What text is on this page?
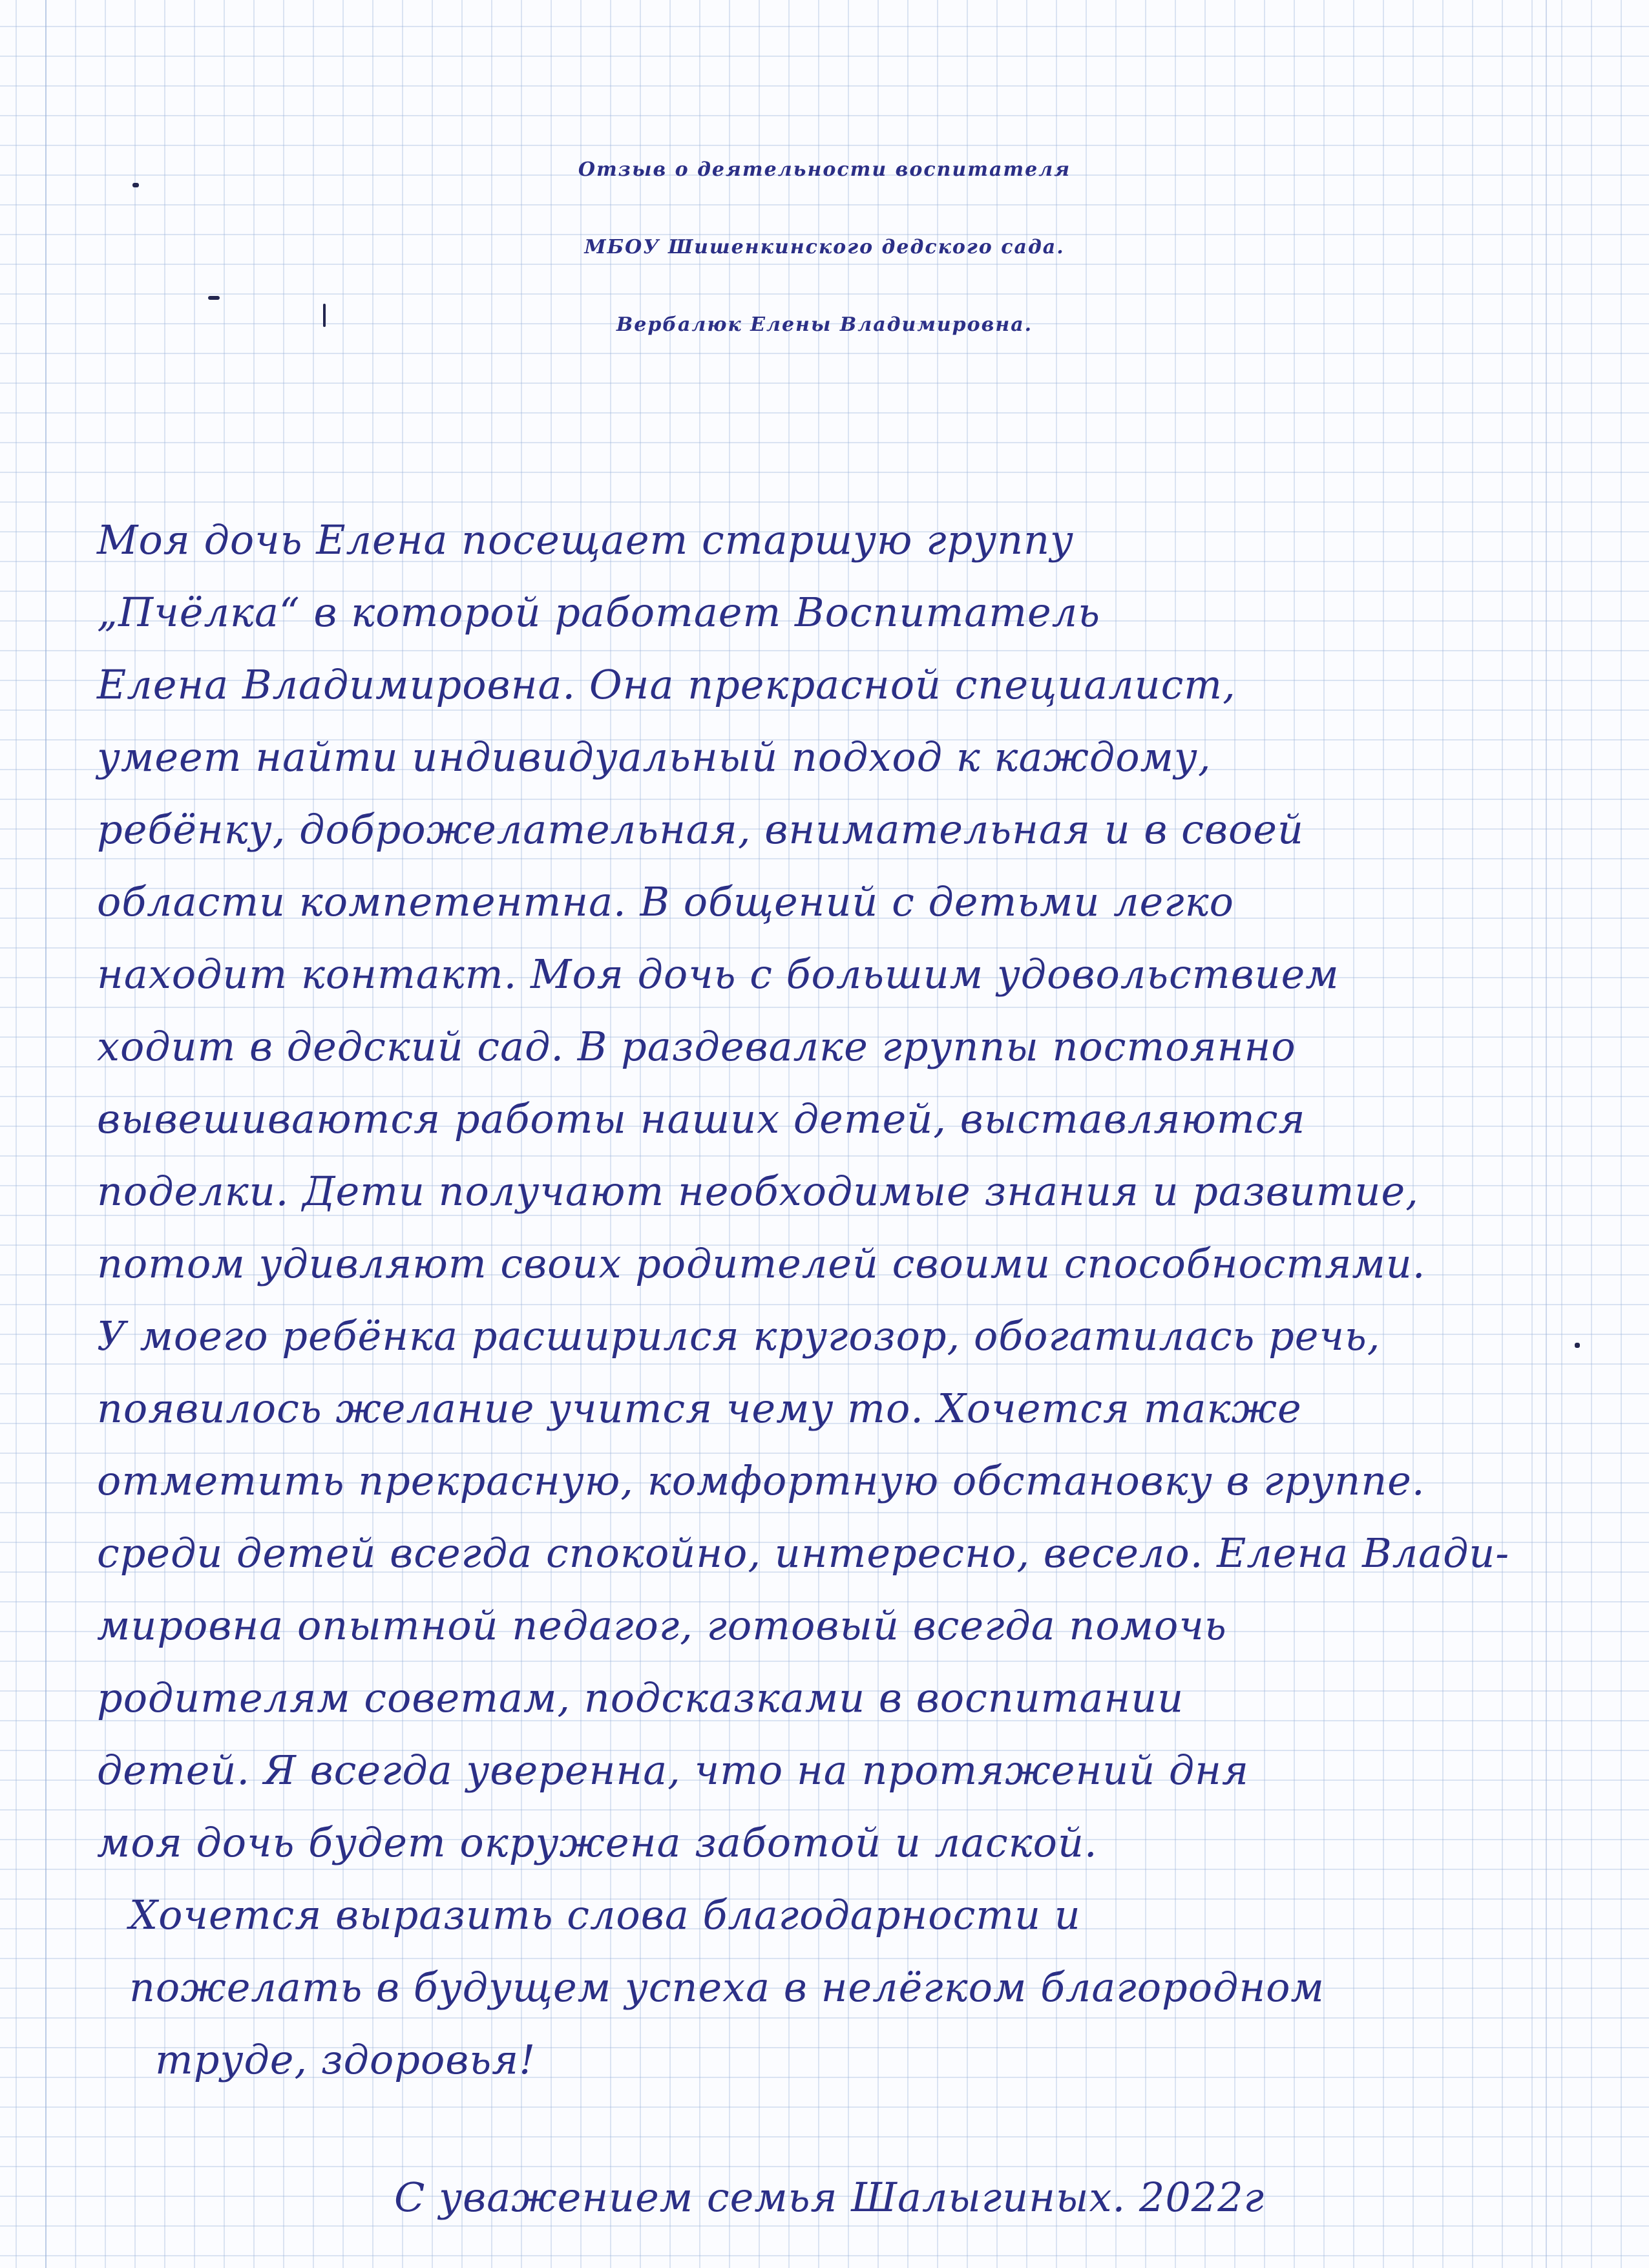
Отзыв о деятельности воспитателя
МБОУ Шишенкинского дедского сада.
Вербалюк Елены Владимировна.

Моя дочь Елена посещает старшую группу

„Пчёлка“ в которой работает Воспитатель

Елена Владимировна. Она прекрасной специалист,

умеет найти индивидуальный подход к каждому,

ребёнку, доброжелательная, внимательная и в своей

области компетентна. В общений с детьми легко

находит контакт. Моя дочь с большим удовольствием

ходит в дедский сад. В раздевалке группы постоянно

вывешиваются работы наших детей, выставляются

поделки. Дети получают необходимые знания и развитие,

потом удивляют своих родителей своими способностями.

У моего ребёнка расширился кругозор, обогатилась речь,

появилось желание учится чему то. Хочется также

отметить прекрасную, комфортную обстановку в группе.

среди детей всегда спокойно, интересно, весело. Елена Влади-

мировна опытной педагог, готовый всегда помочь

родителям советам, подсказками в воспитании

детей. Я всегда уверенна, что на протяжений дня

моя дочь будет окружена заботой и лаской.

Хочется выразить слова благодарности и

пожелать в будущем успеха в нелёгком благородном

труде, здоровья!

С уважением семья Шалыгиных. 2022г
